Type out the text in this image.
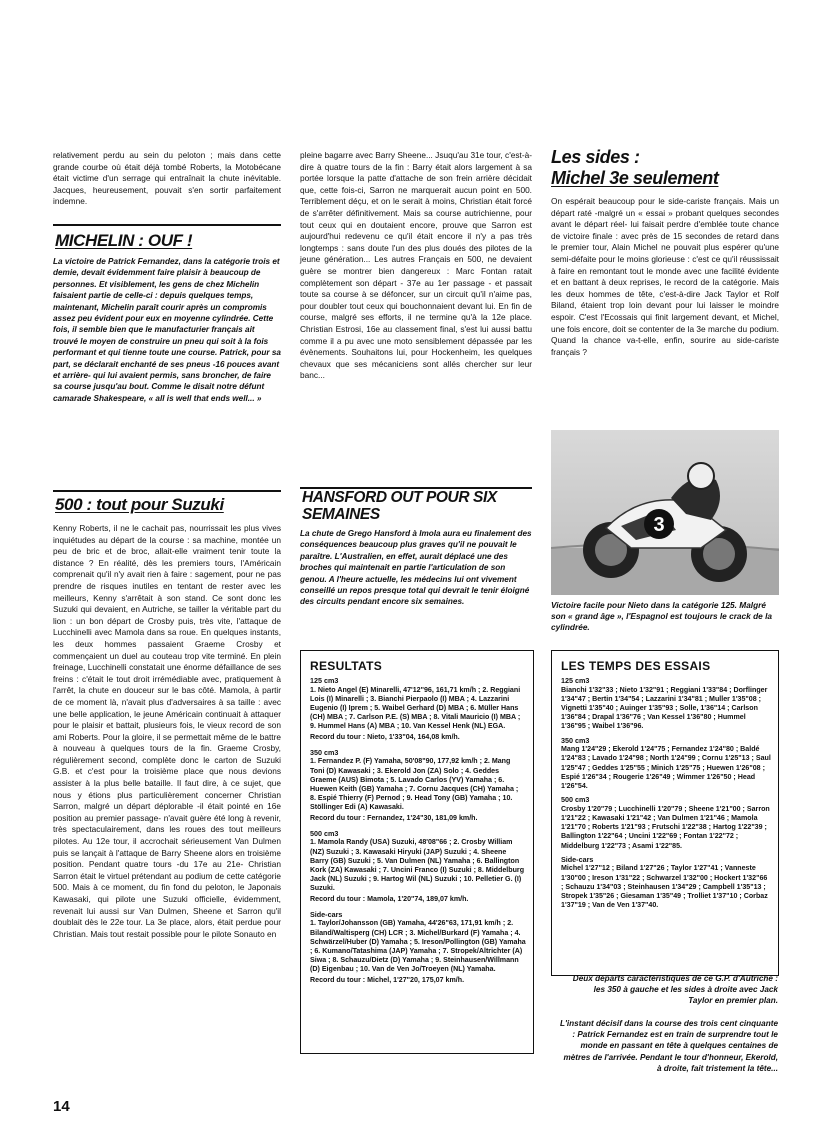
relativement perdu au sein du peloton ; mais dans cette grande courbe où était déjà tombé Roberts, la Motobécane était victime d'un serrage qui entraînait la chute inévitable. Jacques, heureusement, pouvait s'en sortir parfaitement indemne.

MICHELIN : OUF !
La victoire de Patrick Fernandez, dans la catégorie trois et demie, devait évidemment faire plaisir à beaucoup de personnes. Et visiblement, les gens de chez Michelin faisaient partie de celle-ci : depuis quelques temps, maintenant, Michelin paraît courir après un compromis assez peu évident pour eux en moyenne cylindrée. Cette fois, il semble bien que le manufacturier français ait trouvé le moyen de construire un pneu qui soit à la fois performant et qui tienne toute une course. Patrick, pour sa part, se déclarait enchanté de ses pneus -16 pouces avant et arrière- qui lui avaient permis, sans broncher, de faire sa course jusqu'au bout. Comme le disait notre défunt camarade Shakespeare, « all is well that ends well... »
500 : tout pour Suzuki

Kenny Roberts, il ne le cachait pas, nourrissait les plus vives inquiétudes au départ de la course : sa machine, montée un peu de bric et de broc, allait-elle vraiment tenir toute la distance ? En réalité, dès les premiers tours, l'Américain comprenait qu'il n'y avait rien à faire : sagement, pour ne pas prendre de risques inutiles en tentant de rester avec les meilleurs, Kenny s'arrêtait à son stand. Ce sont donc les Suzuki qui devaient, en Autriche, se tailler la véritable part du lion : un bon départ de Crosby puis, très vite, l'attaque de Lucchinelli avec Mamola dans sa roue. En quelques instants, les deux hommes passaient Graeme Crosby et commençaient un duel au couteau trop vite terminé. En plein freinage, Lucchinelli constatait une énorme défaillance de ses freins : c'était le tout droit irrémédiable avec, pratiquement à l'arrêt, la chute en douceur sur le bas côté. Mamola, à partir de ce moment là, n'avait plus d'adversaires à sa taille : avec une belle application, le jeune Américain continuait à attaquer pour le plaisir et battait, plusieurs fois, le vieux record de son ami Roberts. Pour la gloire, il se permettait même de le battre à nouveau à quelques tours de la fin. Graeme Crosby, régulièrement second, complète donc le carton de Suzuki G.B. et c'est pour la troisième place que nous devions assister à la plus belle bataille. Il faut dire, à ce sujet, que nous y étions plus particulièrement concerner Christian Sarron, malgré un départ déplorable -il était pointé en 16e position au premier passage- n'avait guère été long à revenir, très spectaculairement, dans les roues des tout meilleurs pilotes. Au 12e tour, il accrochait sérieusement Van Dulmen puis se lançait à l'attaque de Barry Sheene alors en troisième position. Pendant quatre tours -du 17e au 21e- Christian Sarron était le virtuel prétendant au podium de cette catégorie 500. Mais à ce moment, du fin fond du peloton, le Japonais Kawasaki, qui pilote une Suzuki officielle, évidemment, revenait lui aussi sur Van Dulmen, Sheene et Sarron qu'il doublait dès le 22e tour. La 3e place, alors, était perdue pour Christian. Mais tout restait possible pour le pilote Sonauto en

14

pleine bagarre avec Barry Sheene... Jsuqu'au 31e tour, c'est-à-dire à quatre tours de la fin : Barry était alors largement à sa portée lorsque la patte d'attache de son frein arrière décidait que, cette fois-ci, Sarron ne marquerait aucun point en 500. Terriblement déçu, et on le serait à moins, Christian était forcé de s'arrêter définitivement. Mais sa course autrichienne, pour tout ceux qui en doutaient encore, prouve que Sarron est aujourd'hui redevenu ce qu'il était encore il n'y a pas très longtemps : sans doute l'un des plus doués des pilotes de la jeune génération... Les autres Français en 500, ne devaient guère se montrer bien dangereux : Marc Fontan ratait complètement son départ - 37e au 1er passage - et passait toute sa course à se défoncer, sur un circuit qu'il n'aime pas, pour doubler tout ceux qui bouchonnaient devant lui. En fin de course, malgré ses efforts, il ne termine qu'à la 12e place. Christian Estrosi, 16e au classement final, s'est lui aussi battu comme il a pu avec une moto sensiblement dépassée par les évènements. Souhaitons lui, pour Hockenheim, les quelques chevaux que ses mécaniciens sont allés chercher sur leur banc...

HANSFORD OUT POUR SIX SEMAINES
La chute de Grego Hansford à Imola aura eu finalement des conséquences beaucoup plus graves qu'il ne pouvait le paraître. L'Australien, en effet, aurait déplacé une des broches qui maintenait en partie l'articulation de son genou. A l'heure actuelle, les médecins lui ont vivement conseillé un repos presque total qui devrait le tenir éloigné des circuits pendant encore six semaines.
RESULTATS
125 cm3
1. Nieto Angel (E) Minarelli, 47'12"96, 161,71 km/h ; 2. Reggiani Lois (I) Minarelli ; 3. Bianchi Pierpaolo (I) MBA ; 4. Lazzarini Eugenio (I) Iprem ; 5. Waibel Gerhard (D) MBA ; 6. Müller Hans (CH) MBA ; 7. Carlson P.E. (S) MBA ; 8. Vitali Mauricio (I) MBA ; 9. Hummel Hans (A) MBA ; 10. Van Kessel Henk (NL) EGA.
Record du tour : Nieto, 1'33"04, 164,08 km/h.
350 cm3
1. Fernandez P. (F) Yamaha, 50'08"90, 177,92 km/h ; 2. Mang Toni (D) Kawasaki ; 3. Ekerold Jon (ZA) Solo ; 4. Geddes Graeme (AUS) Bimota ; 5. Lavado Carlos (YV) Yamaha ; 6. Huewen Keith (GB) Yamaha ; 7. Cornu Jacques (CH) Yamaha ; 8. Espié Thierry (F) Pernod ; 9. Head Tony (GB) Yamaha ; 10. Stöllinger Edi (A) Kawasaki.
Record du tour : Fernandez, 1'24"30, 181,09 km/h.
500 cm3
1. Mamola Randy (USA) Suzuki, 48'08"66 ; 2. Crosby William (NZ) Suzuki ; 3. Kawasaki Hiryuki (JAP) Suzuki ; 4. Sheene Barry (GB) Suzuki ; 5. Van Dulmen (NL) Yamaha ; 6. Ballington Kork (ZA) Kawasaki ; 7. Uncini Franco (I) Suzuki ; 8. Middelburg Jack (NL) Suzuki ; 9. Hartog Wil (NL) Suzuki ; 10. Pelletier G. (I) Suzuki.
Record du tour : Mamola, 1'20"74, 189,07 km/h.
Side-cars
1. Taylor/Johansson (GB) Yamaha, 44'26"63, 171,91 km/h ; 2. Biland/Waltisperg (CH) LCR ; 3. Michel/Burkard (F) Yamaha ; 4. Schwärzel/Huber (D) Yamaha ; 5. Ireson/Pollington (GB) Yamaha ; 6. Kumano/Tatashima (JAP) Yamaha ; 7. Stropek/Altrichter (A) Siwa ; 8. Schauzu/Dietz (D) Yamaha ; 9. Steinhausen/Willmann (D) Eigenbau ; 10. Van de Ven Jo/Troeyen (NL) Yamaha.
Record du tour : Michel, 1'27"20, 175,07 km/h.
Les sides :
Michel 3e seulement

On espérait beaucoup pour le side-cariste français. Mais un départ raté -malgré un « essai » probant quelques secondes avant le départ réel- lui faisait perdre d'emblée toute chance de victoire finale : avec près de 15 secondes de retard dans le premier tour, Alain Michel ne pouvait plus espérer qu'une semi-défaite pour le moins glorieuse : c'est ce qu'il réussissait à faire en remontant tout le monde avec une facilité évidente et en battant à deux reprises, le record de la catégorie. Mais les deux hommes de tête, c'est-à-dire Jack Taylor et Rolf Biland, étaient trop loin devant pour lui laisser le moindre espoir. C'est l'Ecossais qui finit largement devant, et Michel, une fois encore, doit se contenter de la 3e marche du podium. Quand la chance va-t-elle, enfin, sourire au side-cariste français ?

3
Victoire facile pour Nieto dans la catégorie 125. Malgré son « grand âge », l'Espagnol est toujours le crack de la cylindrée.
LES TEMPS DES ESSAIS
125 cm3
Bianchi 1'32"33 ; Nieto 1'32"91 ; Reggiani 1'33"84 ; Dorflinger 1'34"47 ; Bertin 1'34"54 ; Lazzarini 1'34"81 ; Muller 1'35"08 ; Vignetti 1'35"40 ; Auinger 1'35"93 ; Solle, 1'36"14 ; Carlson 1'36"84 ; Drapal 1'36"76 ; Van Kessel 1'36"80 ; Hummel 1'36"95 ; Waibel 1'36"96.
350 cm3
Mang 1'24"29 ; Ekerold 1'24"75 ; Fernandez 1'24"80 ; Baldé 1'24"83 ; Lavado 1'24"98 ; North 1'24"99 ; Cornu 1'25"13 ; Saul 1'25"47 ; Geddes 1'25"55 ; Minich 1'25"75 ; Huewen 1'26"08 ; Espié 1'26"34 ; Rougerie 1'26"49 ; Wimmer 1'26"50 ; Head 1'26"54.
500 cm3
Crosby 1'20"79 ; Lucchinelli 1'20"79 ; Sheene 1'21"00 ; Sarron 1'21"22 ; Kawasaki 1'21"42 ; Van Dulmen 1'21"46 ; Mamola 1'21"70 ; Roberts 1'21"93 ; Frutschi 1'22"38 ; Hartog 1'22"39 ; Ballington 1'22"64 ; Uncini 1'22"69 ; Fontan 1'22"72 ; Middelburg 1'22"73 ; Asami 1'22"85.
Side-cars
Michel 1'27"12 ; Biland 1'27"26 ; Taylor 1'27"41 ; Vanneste 1'30"00 ; Ireson 1'31"22 ; Schwarzel 1'32"00 ; Hockert 1'32"66 ; Schauzu 1'34"03 ; Steinhausen 1'34"29 ; Campbell 1'35"13 ; Stropek 1'35"26 ; Giesaman 1'35"49 ; Trolliet 1'37"10 ; Corbaz 1'37"19 ; Van de Ven 1'37"40.
Deux départs caractéristiques de ce G.P. d'Autriche : les 350 à gauche et les sides à droite avec Jack Taylor en premier plan.
L'instant décisif dans la course des trois cent cinquante : Patrick Fernandez est en train de surprendre tout le monde en passant en tête à quelques centaines de mètres de l'arrivée. Pendant le tour d'honneur, Ekerold, à droite, fait tristement la tête...
